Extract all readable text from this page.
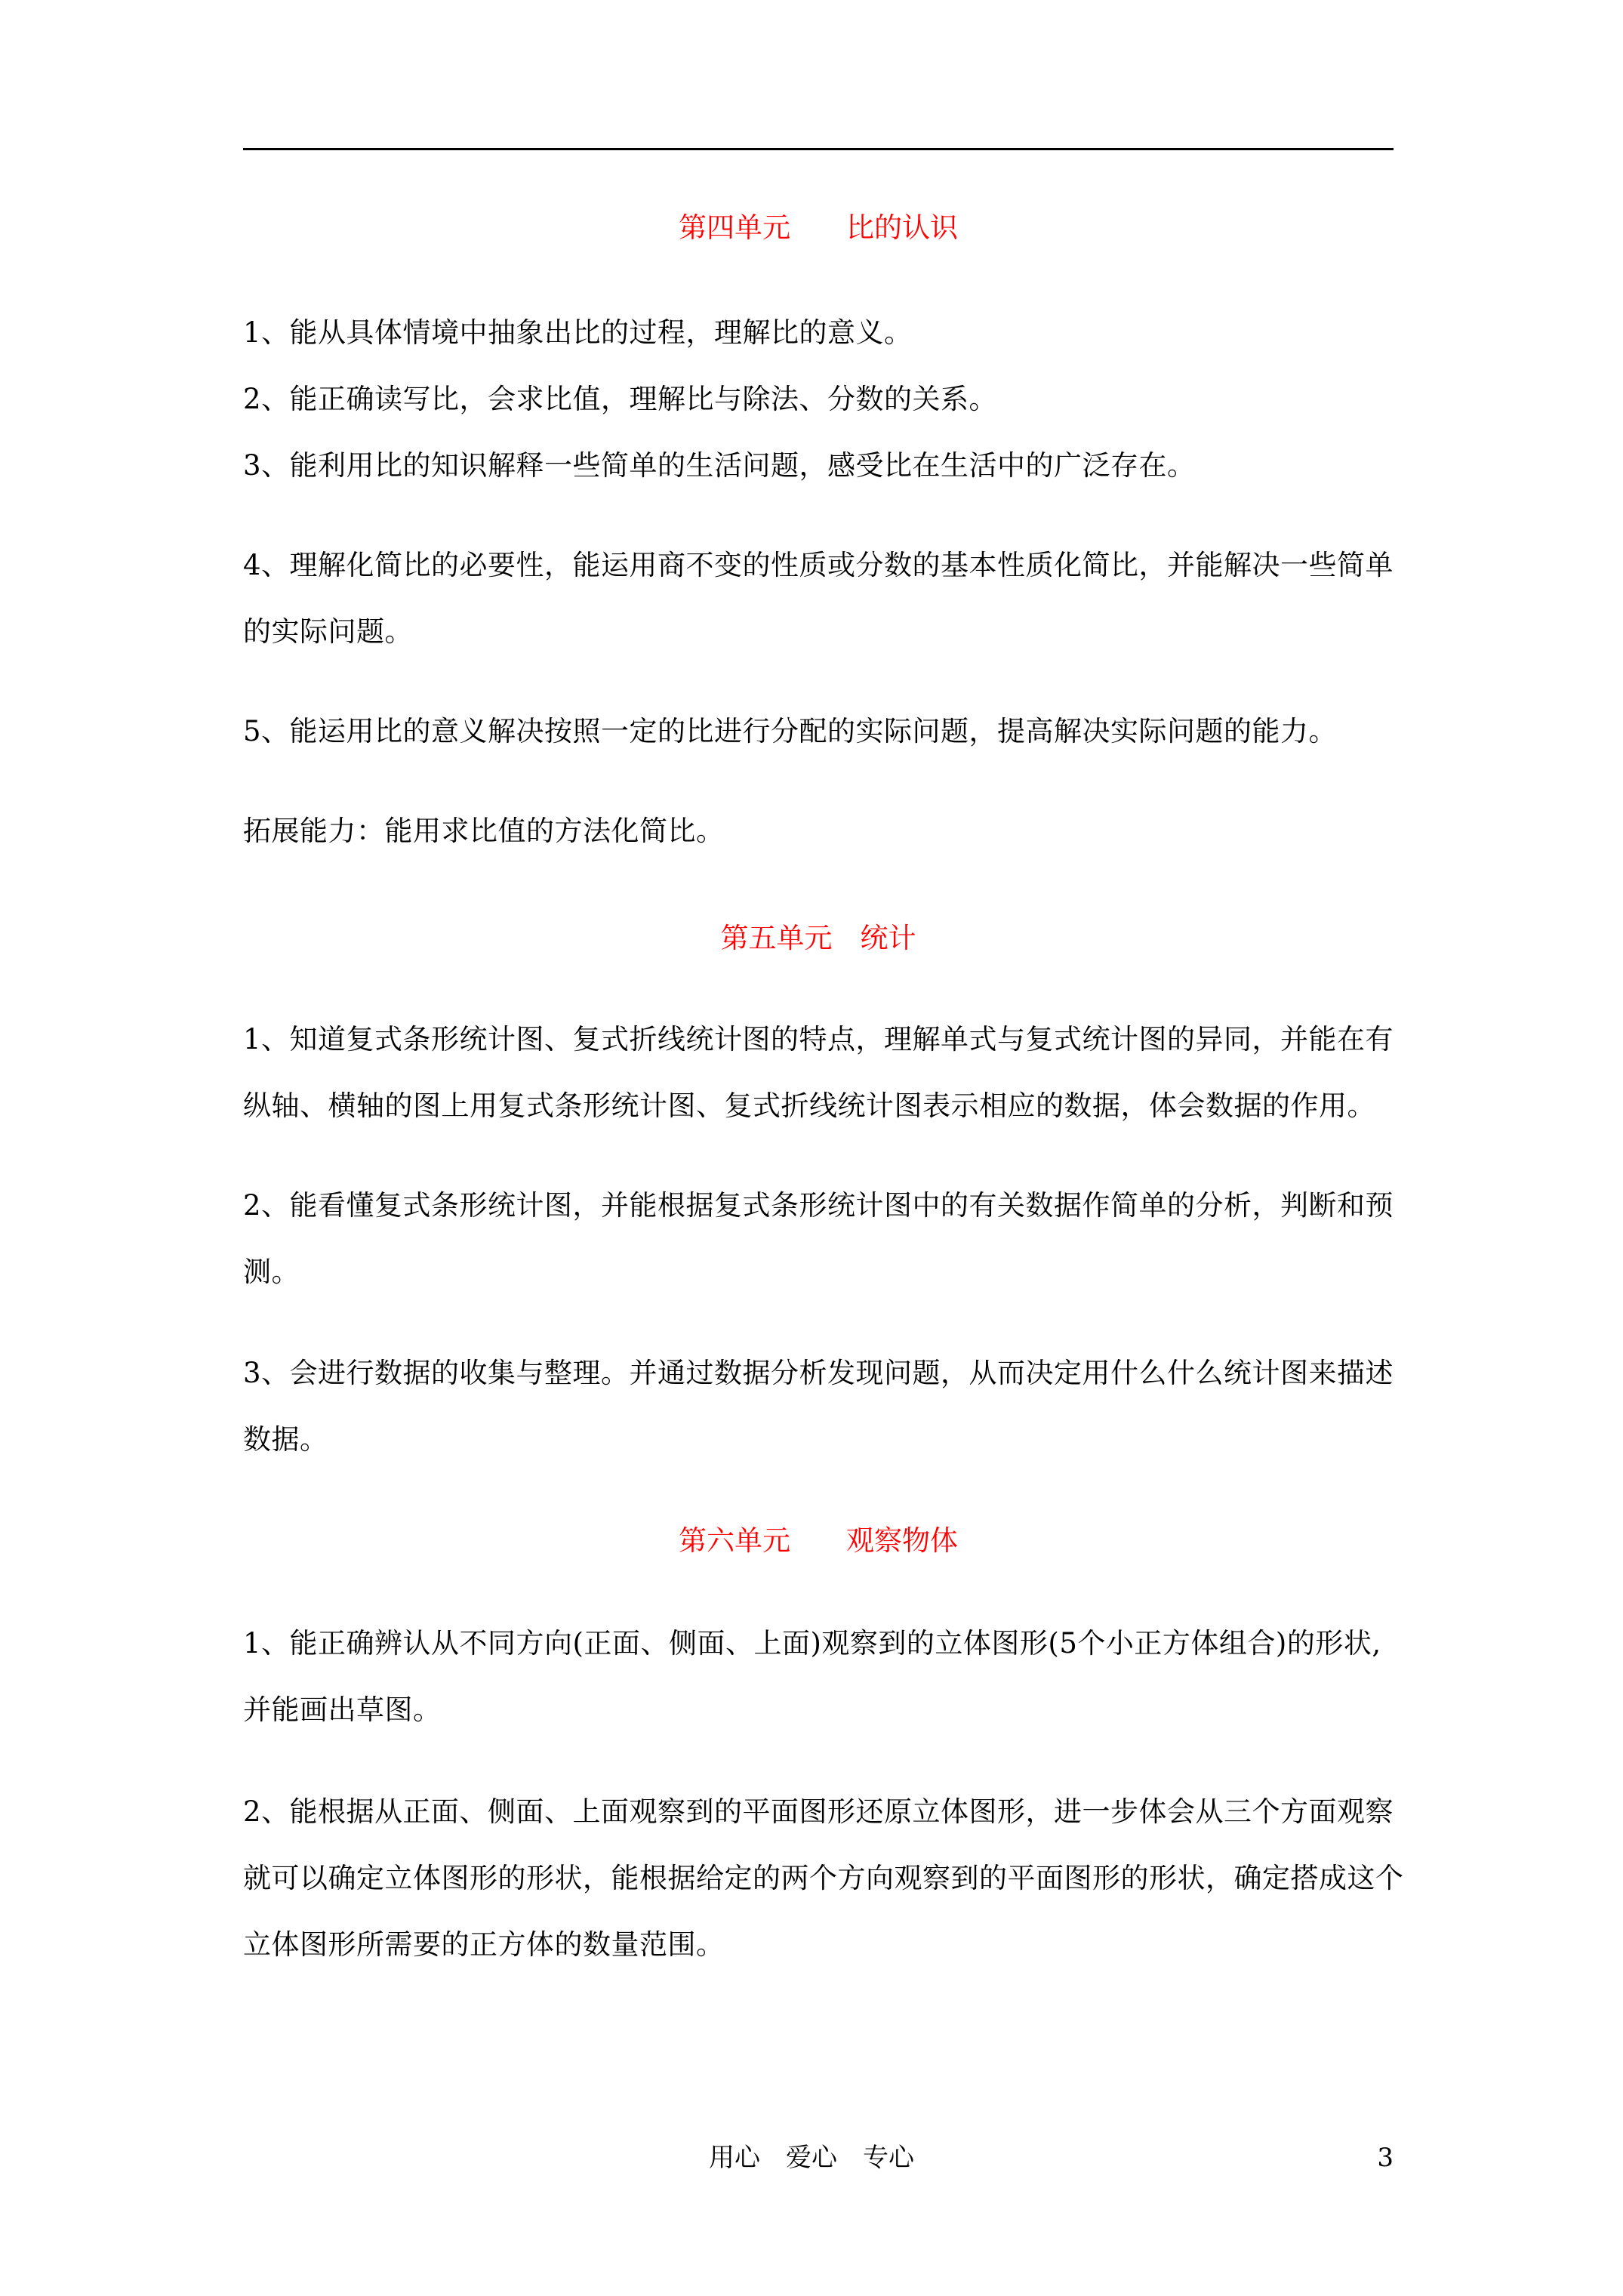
第四单元　　比的认识
1、能从具体情境中抽象出比的过程，理解比的意义。
2、能正确读写比，会求比值，理解比与除法、分数的关系。
3、能利用比的知识解释一些简单的生活问题，感受比在生活中的广泛存在。
4、理解化简比的必要性，能运用商不变的性质或分数的基本性质化简比，并能解决一些简单的实际问题。
5、能运用比的意义解决按照一定的比进行分配的实际问题，提高解决实际问题的能力。
拓展能力：能用求比值的方法化简比。
第五单元　统计
1、知道复式条形统计图、复式折线统计图的特点，理解单式与复式统计图的异同，并能在有纵轴、横轴的图上用复式条形统计图、复式折线统计图表示相应的数据，体会数据的作用。
2、能看懂复式条形统计图，并能根据复式条形统计图中的有关数据作简单的分析，判断和预测。
3、会进行数据的收集与整理。并通过数据分析发现问题，从而决定用什么什么统计图来描述数据。
第六单元　　观察物体
1、能正确辨认从不同方向(正面、侧面、上面)观察到的立体图形(5个小正方体组合)的形状,并能画出草图。
2、能根据从正面、侧面、上面观察到的平面图形还原立体图形，进一步体会从三个方面观察就可以确定立体图形的形状，能根据给定的两个方向观察到的平面图形的形状，确定搭成这个立体图形所需要的正方体的数量范围。
用心　爱心　专心	3
